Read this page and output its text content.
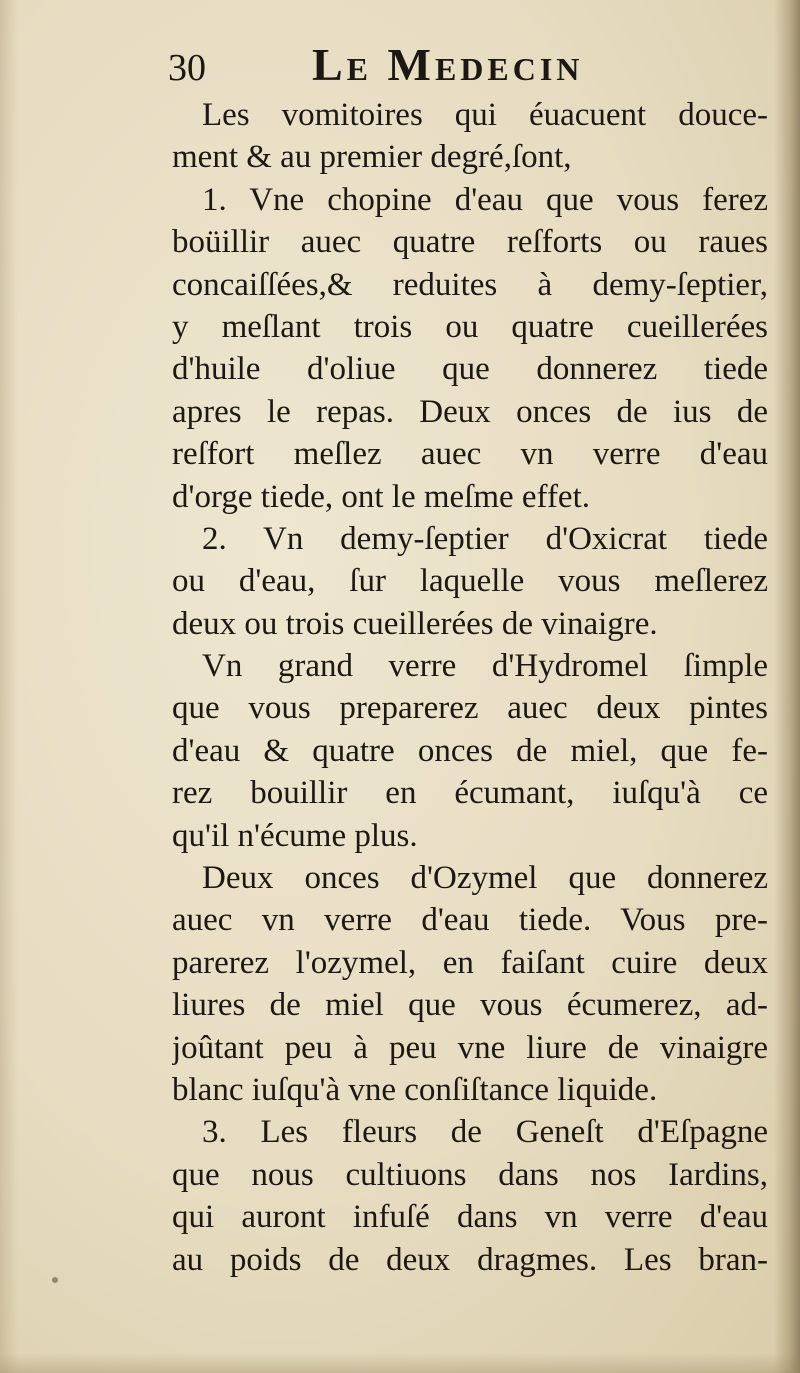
30 Le Medecin
Les vomitoires qui éuacuent douce-
ment & au premier degré,ſont,
1. Vne chopine d'eau que vous ferez
boüillir auec quatre reſforts ou raues
concaiſſées,& reduites à demy-ſeptier,
y meſlant trois ou quatre cueillerées
d'huile d'oliue que donnerez tiede
apres le repas. Deux onces de ius de
reſfort meſlez auec vn verre d'eau
d'orge tiede, ont le meſme effet.
2. Vn demy-ſeptier d'Oxicrat tiede
ou d'eau, ſur laquelle vous meſlerez
deux ou trois cueillerées de vinaigre.
Vn grand verre d'Hydromel ſimple
que vous preparerez auec deux pintes
d'eau & quatre onces de miel, que fe-
rez bouillir en écumant, iuſqu'à ce
qu'il n'écume plus.
Deux onces d'Ozymel que donnerez
auec vn verre d'eau tiede. Vous pre-
parerez l'ozymel, en faiſant cuire deux
liures de miel que vous écumerez, ad-
joûtant peu à peu vne liure de vinaigre
blanc iuſqu'à vne conſiſtance liquide.
3. Les fleurs de Geneſt d'Eſpagne
que nous cultiuons dans nos Iardins,
qui auront infuſé dans vn verre d'eau
au poids de deux dragmes. Les bran-
